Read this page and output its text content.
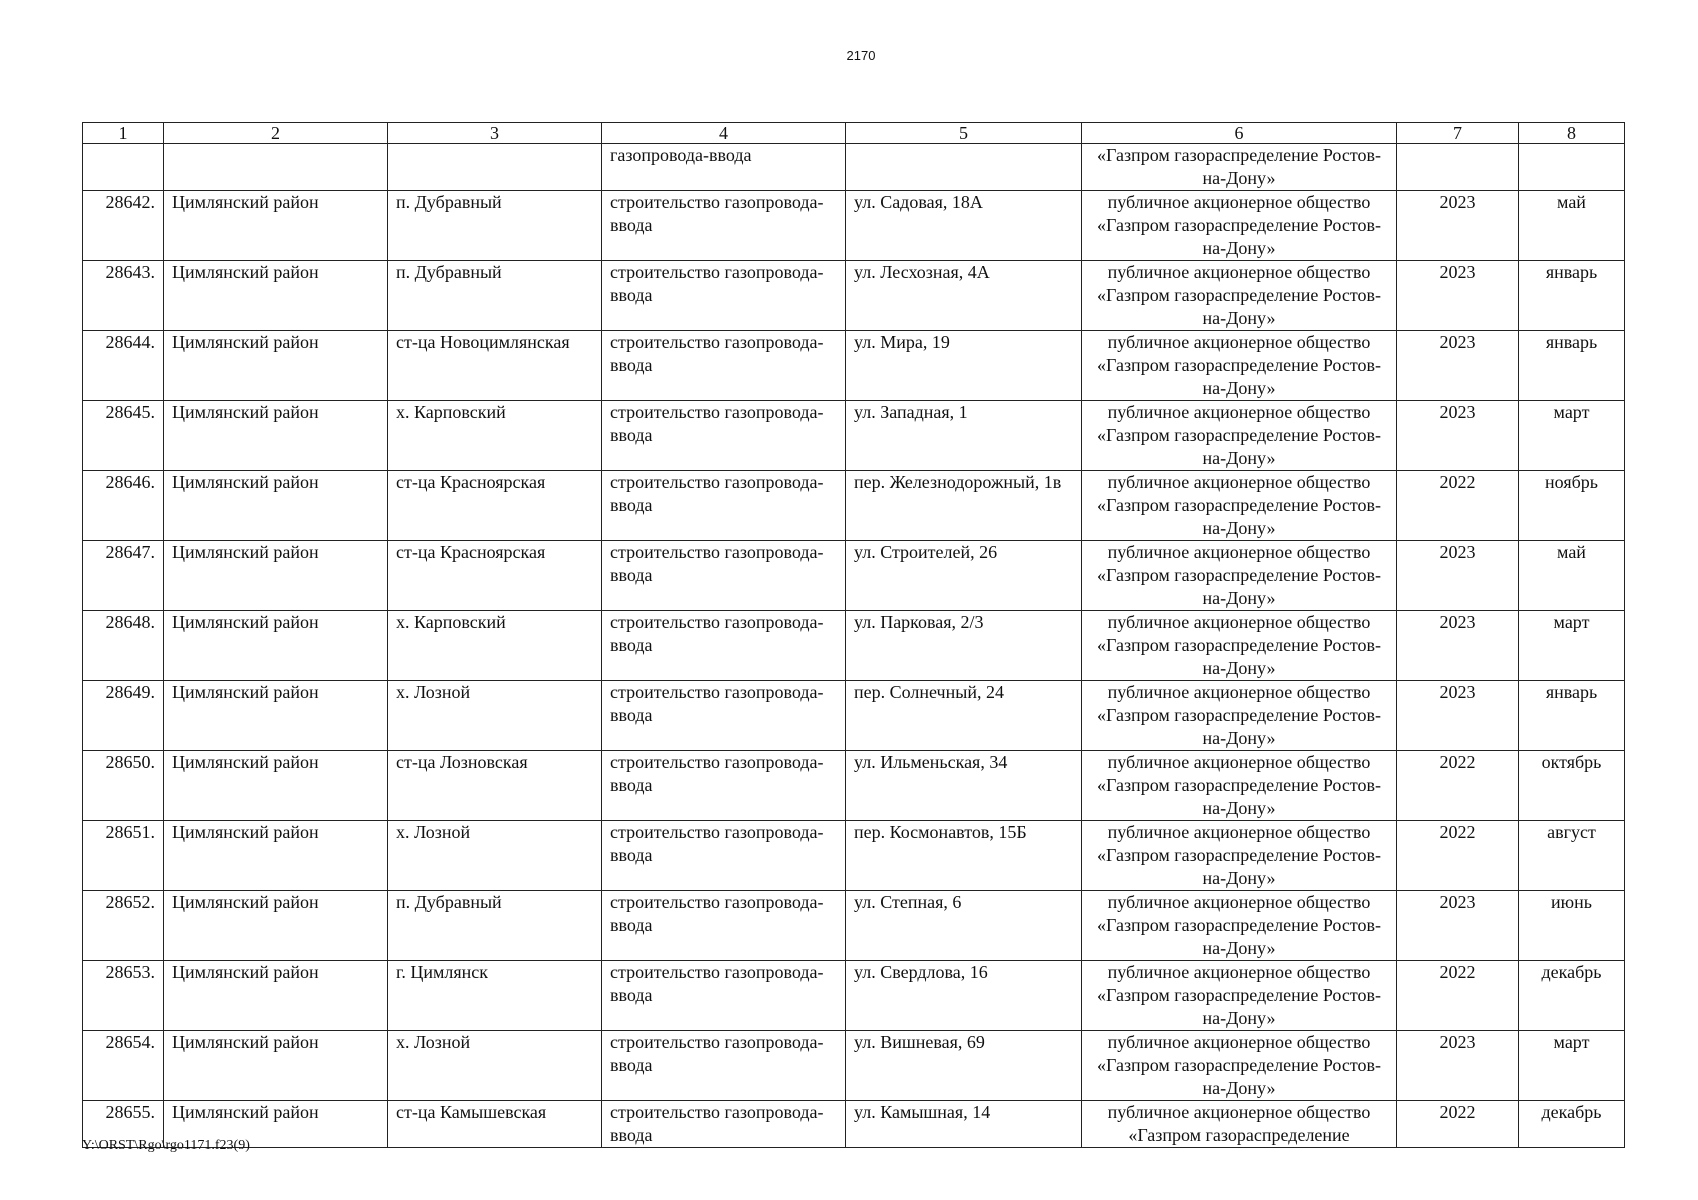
2170
1	2	3	4	5	6	7	8
			газопровода-ввода		«Газпром газораспределение Ростов-на-Дону»		
28642.	Цимлянский район	п. Дубравный	строительство газопровода-ввода	ул. Садовая, 18А	публичное акционерное общество «Газпром газораспределение Ростов-на-Дону»	2023	май
28643.	Цимлянский район	п. Дубравный	строительство газопровода-ввода	ул. Лесхозная, 4А	публичное акционерное общество «Газпром газораспределение Ростов-на-Дону»	2023	январь
28644.	Цимлянский район	ст-ца Новоцимлянская	строительство газопровода-ввода	ул. Мира, 19	публичное акционерное общество «Газпром газораспределение Ростов-на-Дону»	2023	январь
28645.	Цимлянский район	х. Карповский	строительство газопровода-ввода	ул. Западная, 1	публичное акционерное общество «Газпром газораспределение Ростов-на-Дону»	2023	март
28646.	Цимлянский район	ст-ца Красноярская	строительство газопровода-ввода	пер. Железнодорожный, 1в	публичное акционерное общество «Газпром газораспределение Ростов-на-Дону»	2022	ноябрь
28647.	Цимлянский район	ст-ца Красноярская	строительство газопровода-ввода	ул. Строителей, 26	публичное акционерное общество «Газпром газораспределение Ростов-на-Дону»	2023	май
28648.	Цимлянский район	х. Карповский	строительство газопровода-ввода	ул. Парковая, 2/3	публичное акционерное общество «Газпром газораспределение Ростов-на-Дону»	2023	март
28649.	Цимлянский район	х. Лозной	строительство газопровода-ввода	пер. Солнечный, 24	публичное акционерное общество «Газпром газораспределение Ростов-на-Дону»	2023	январь
28650.	Цимлянский район	ст-ца Лозновская	строительство газопровода-ввода	ул. Ильменьская, 34	публичное акционерное общество «Газпром газораспределение Ростов-на-Дону»	2022	октябрь
28651.	Цимлянский район	х. Лозной	строительство газопровода-ввода	пер. Космонавтов, 15Б	публичное акционерное общество «Газпром газораспределение Ростов-на-Дону»	2022	август
28652.	Цимлянский район	п. Дубравный	строительство газопровода-ввода	ул. Степная, 6	публичное акционерное общество «Газпром газораспределение Ростов-на-Дону»	2023	июнь
28653.	Цимлянский район	г. Цимлянск	строительство газопровода-ввода	ул. Свердлова, 16	публичное акционерное общество «Газпром газораспределение Ростов-на-Дону»	2022	декабрь
28654.	Цимлянский район	х. Лозной	строительство газопровода-ввода	ул. Вишневая, 69	публичное акционерное общество «Газпром газораспределение Ростов-на-Дону»	2023	март
28655.	Цимлянский район	ст-ца Камышевская	строительство газопровода-ввода	ул. Камышная, 14	публичное акционерное общество «Газпром газораспределение	2022	декабрь
Y:\ORST\Rgo\rgo1171.f23(9)
